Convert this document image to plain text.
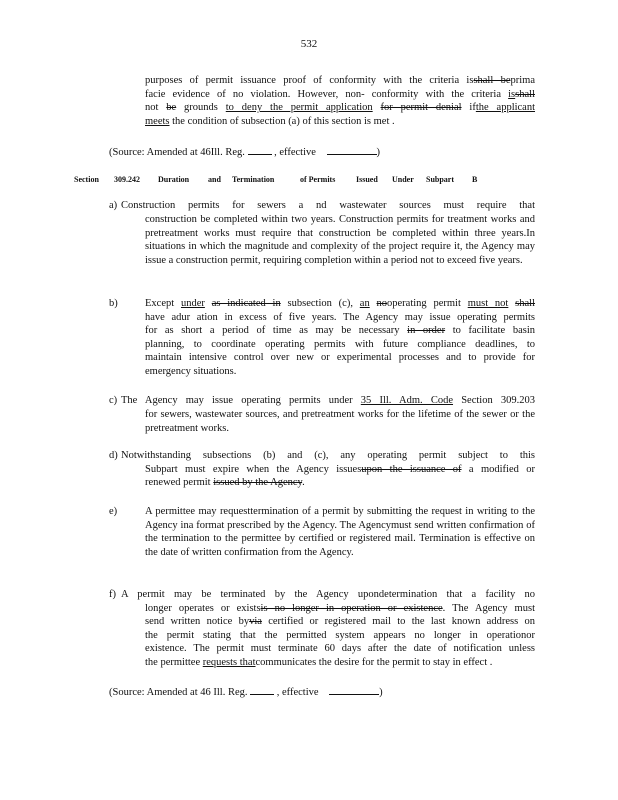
532
purposes of permit issuance proof of conformity with the criteria isshall beprima
facie evidence of no violation. However, non- conformity with the criteria isshall
not be grounds to deny the permit application for permit denial ifthe applicant
meets the condition of subsection (a) of this section is met .
(Source: Amended at 46Ill. Reg.	, effective	)
Section 309.242 Duration and Termination	of Permits	Issued Under Subpart B
a) Construction permits for sewers a nd wastewater sources must require that
construction be completed within two years. Construction permits for treatment works and pretreatment works must require that construction be completed within three years.In situations in which the magnitude and complexity of the project require it, the Agency may issue a construction permit, requiring completion within a period not to exceed five years.
b)	Except under as indicated in subsection (c), an nooperating permit must not shall
have adur ation in excess of five years. The Agency may issue operating permits
for as short a period of time as may be necessary in order to facilitate basin
planning, to coordinate operating permits with future compliance deadlines, to
maintain intensive control over new or experimental processes and to provide for
emergency situations.
c) The Agency may issue operating permits under 35 Ill. Adm. Code Section 309.203
for sewers, wastewater sources, and pretreatment works for the lifetime of the sewer or the pretreatment works.
d) Notwithstanding subsections (b) and (c), any operating permit subject to this
Subpart must expire when the Agency issuesupon the issuance of a modified or
renewed permit issued by the Agency.
e)	A permittee may requesttermination of a permit by submitting the request in writing to the Agency ina format prescribed by the Agency. The Agencymust send written confirmation of the termination to the permittee by certified or registered mail. Termination is effective on the date of written confirmation from the Agency.
f) A permit may be terminated by the Agency upondetermination that a facility no
longer operates or existsis no longer in operation or existence. The Agency must
send written notice byvia certified or registered mail to the last known address on
the permit stating that the permitted system appears no longer in operationor
existence. The permit must terminate 60 days after the date of notification unless
the permittee requests thatcommunicates the desire for the permit to stay in effect .
(Source: Amended at 46 Ill. Reg.	, effective	)
